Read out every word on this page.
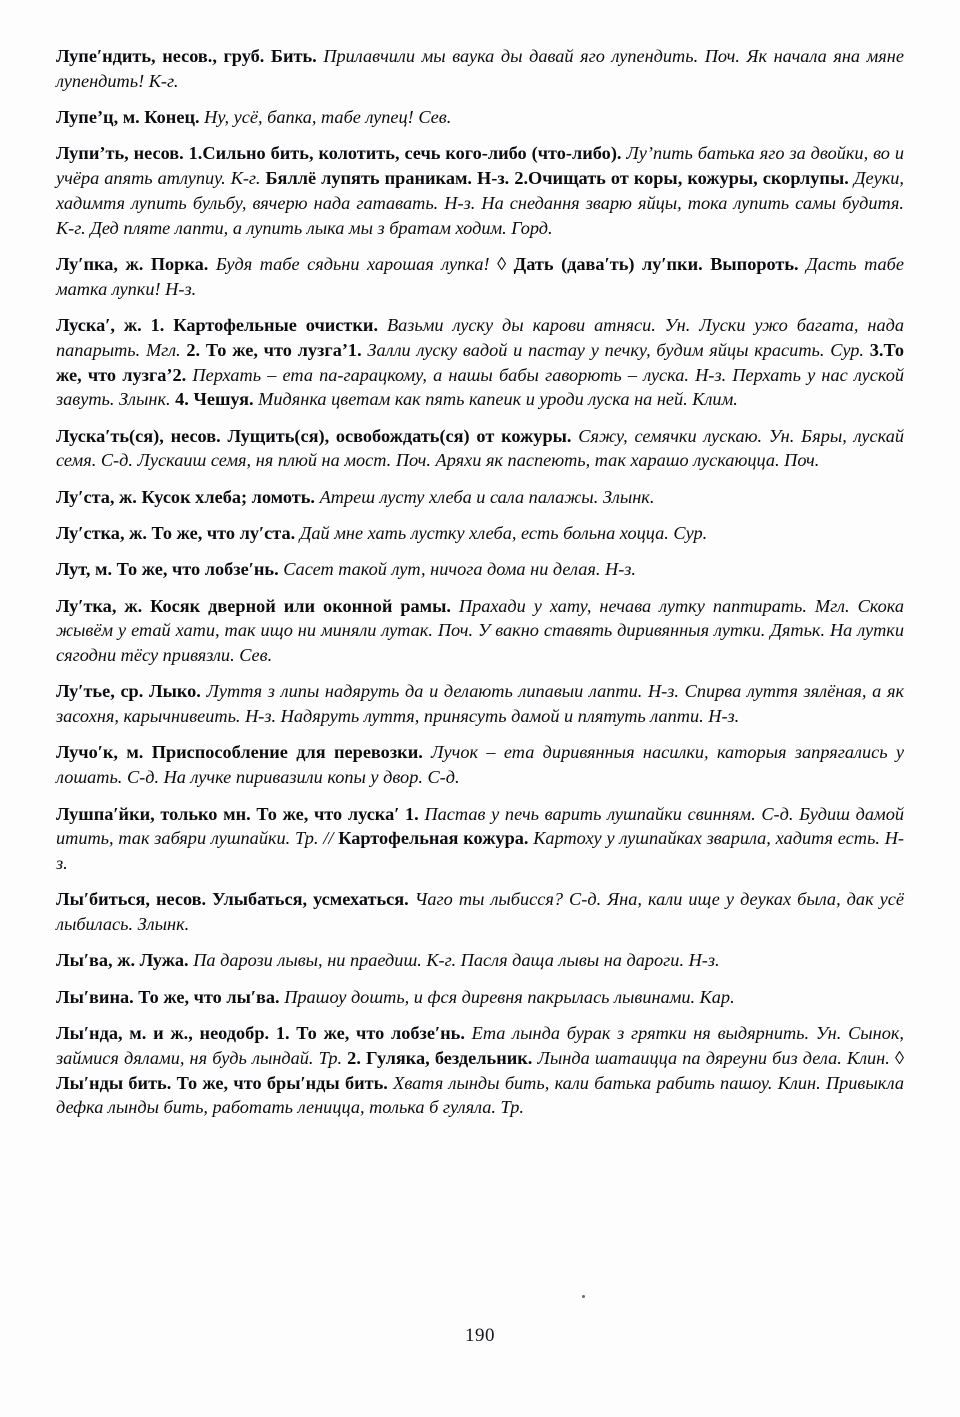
Лупе′ндить, несов., груб. Бить. Прилавчили мы ваука ды давай яго лупендить. Поч. Як начала яна мяне лупендить! К-г.

Лупе’ц, м. Конец. Ну, усё, бапка, табе лупец! Сев.

Лупи’ть, несов. 1.Сильно бить, колотить, сечь кого-либо (что-либо). Лу’пить батька яго за двойки, во и учёра апять атлупиу. К-г. Бяллё лупять праникам. Н-з. 2.Очищать от коры, кожуры, скорлупы. Деуки, хадимтя лупить бульбу, вячерю нада гатавать. Н-з. На снедання зварю яйцы, тока лупить самы будитя. К-г. Дед пляте лапти, а лупить лыка мы з братам ходим. Горд.

Лу′пка, ж. Порка. Будя табе сядьни харошая лупка! ◊ Дать (дава′ть) лу′пки. Выпороть. Дасть табе матка лупки! Н-з.

Луска′, ж. 1. Картофельные очистки. Вазьми луску ды карови атняси. Ун. Луски ужо багата, нада папарыть. Мгл. 2. То же, что лузга’1. Залли луску вадой и пастау у печку, будим яйцы красить. Сур. 3.То же, что лузга’2. Перхать – ета па-гарацкому, а нашы бабы гаворють – луска. Н-з. Перхать у нас луской завуть. Злынк. 4. Чешуя. Мидянка цветам как пять капеик и уроди луска на ней. Клим.

Луска′ть(ся), несов. Лущить(ся), освобождать(ся) от кожуры. Сяжу, семячки лускаю. Ун. Бяры, лускай семя. С-д. Лускаиш семя, ня плюй на мост. Поч. Аряхи як паспеють, так харашо лускаюцца. Поч.

Лу′ста, ж. Кусок хлеба; ломоть. Атреш лусту хлеба и сала палажы. Злынк.

Лу′стка, ж. То же, что лу′ста. Дай мне хать лустку хлеба, есть больна хоцца. Сур.

Лут, м. То же, что лобзе′нь. Сасет такой лут, ничога дома ни делая. Н-з.

Лу′тка, ж. Косяк дверной или оконной рамы. Прахади у хату, нечава лутку паптирать. Мгл. Скока жывём у етай хати, так ищо ни миняли лутак. Поч. У вакно ставять диривянныя лутки. Дятьк. На лутки сягодни тёсу привязли. Сев.

Лу′тье, ср. Лыко. Луття з липы надяруть да и делають липавыи лапти. Н-з. Спирва луття зялёная, а як засохня, карычнивеить. Н-з. Надяруть луття, принясуть дамой и плятуть лапти. Н-з.

Лучо′к, м. Приспособление для перевозки. Лучок – ета диривянныя насилки, каторыя запрягались у лошать. С-д. На лучке пиривазили копы у двор. С-д.

Лушпа′йки, только мн. То же, что луска′ 1. Пастав у печь варить лушпайки свинням. С-д. Будиш дамой итить, так забяри лушпайки. Тр. // Картофельная кожура. Картоху у лушпайках зварила, хадитя есть. Н-з.

Лы′биться, несов. Улыбаться, усмехаться. Чаго ты лыбисся? С-д. Яна, кали ище у деуках была, дак усё лыбилась. Злынк.

Лы′ва, ж. Лужа. Па дарози лывы, ни праедиш. К-г. Пасля даща лывы на дароги. Н-з.

Лы′вина. То же, что лы′ва. Прашоу дошть, и фся диревня пакрылась лывинами. Кар.

Лы′нда, м. и ж., неодобр. 1. То же, что лобзе′нь. Ета лында бурак з грятки ня выдярнить. Ун. Сынок, займися дялами, ня будь лындай. Тр. 2. Гуляка, бездельник. Лында шатаицца па дяреуни биз дела. Клин. ◊ Лы′нды бить. То же, что бры′нды бить. Хватя лынды бить, кали батька рабить пашоу. Клин. Привыкла дефка лынды бить, работать леницца, толька б гуляла. Тр.

190
